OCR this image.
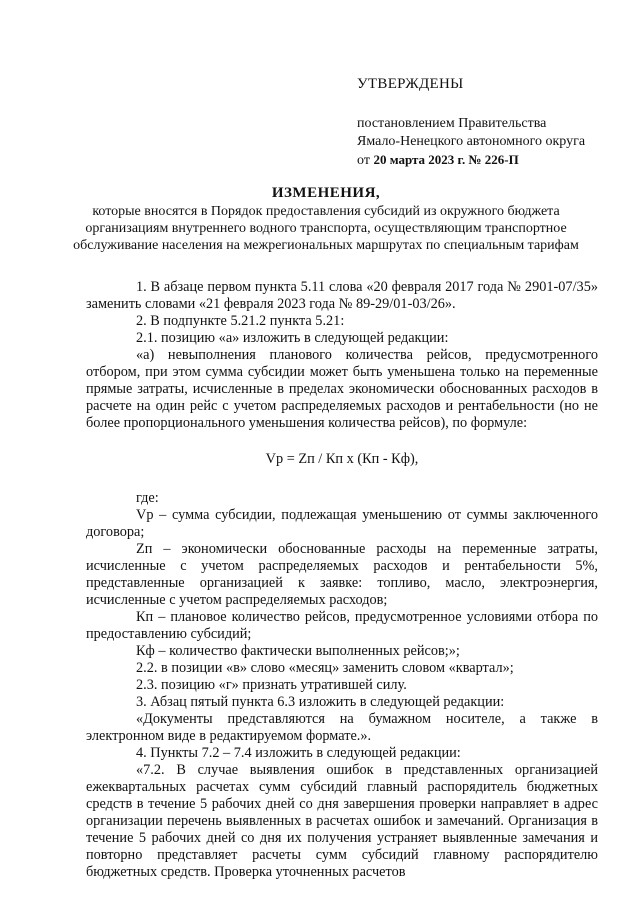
УТВЕРЖДЕНЫ
постановлением Правительства
Ямало-Ненецкого автономного округа
от 20 марта 2023 г. № 226-П
ИЗМЕНЕНИЯ,
которые вносятся в Порядок предоставления субсидий из окружного бюджета организациям внутреннего водного транспорта, осуществляющим транспортное обслуживание населения на межрегиональных маршрутах по специальным тарифам

1. В абзаце первом пункта 5.11 слова «20 февраля 2017 года № 2901-07/35» заменить словами «21 февраля 2023 года № 89-29/01-03/26».

2. В подпункте 5.21.2 пункта 5.21:

2.1. позицию «а» изложить в следующей редакции:

«а) невыполнения планового количества рейсов, предусмотренного отбором, при этом сумма субсидии может быть уменьшена только на переменные прямые затраты, исчисленные в пределах экономически обоснованных расходов в расчете на один рейс с учетом распределяемых расходов и рентабельности (но не более пропорционального уменьшения количества рейсов), по формуле:

Vр = Zп / Кп х (Кп - Кф),

где:

Vр – сумма субсидии, подлежащая уменьшению от суммы заключенного договора;

Zп – экономически обоснованные расходы на переменные затраты, исчисленные с учетом распределяемых расходов и рентабельности 5%, представленные организацией к заявке: топливо, масло, электроэнергия, исчисленные с учетом распределяемых расходов;

Кп – плановое количество рейсов, предусмотренное условиями отбора по предоставлению субсидий;

Кф – количество фактически выполненных рейсов;»;

2.2. в позиции «в» слово «месяц» заменить словом «квартал»;

2.3. позицию «г» признать утратившей силу.

3. Абзац пятый пункта 6.3 изложить в следующей редакции:

«Документы представляются на бумажном носителе, а также в электронном виде в редактируемом формате.».

4. Пункты 7.2 – 7.4 изложить в следующей редакции:

«7.2. В случае выявления ошибок в представленных организацией ежеквартальных расчетах сумм субсидий главный распорядитель бюджетных средств в течение 5 рабочих дней со дня завершения проверки направляет в адрес организации перечень выявленных в расчетах ошибок и замечаний. Организация в течение 5 рабочих дней со дня их получения устраняет выявленные замечания и повторно представляет расчеты сумм субсидий главному распорядителю бюджетных средств. Проверка уточненных расчетов
